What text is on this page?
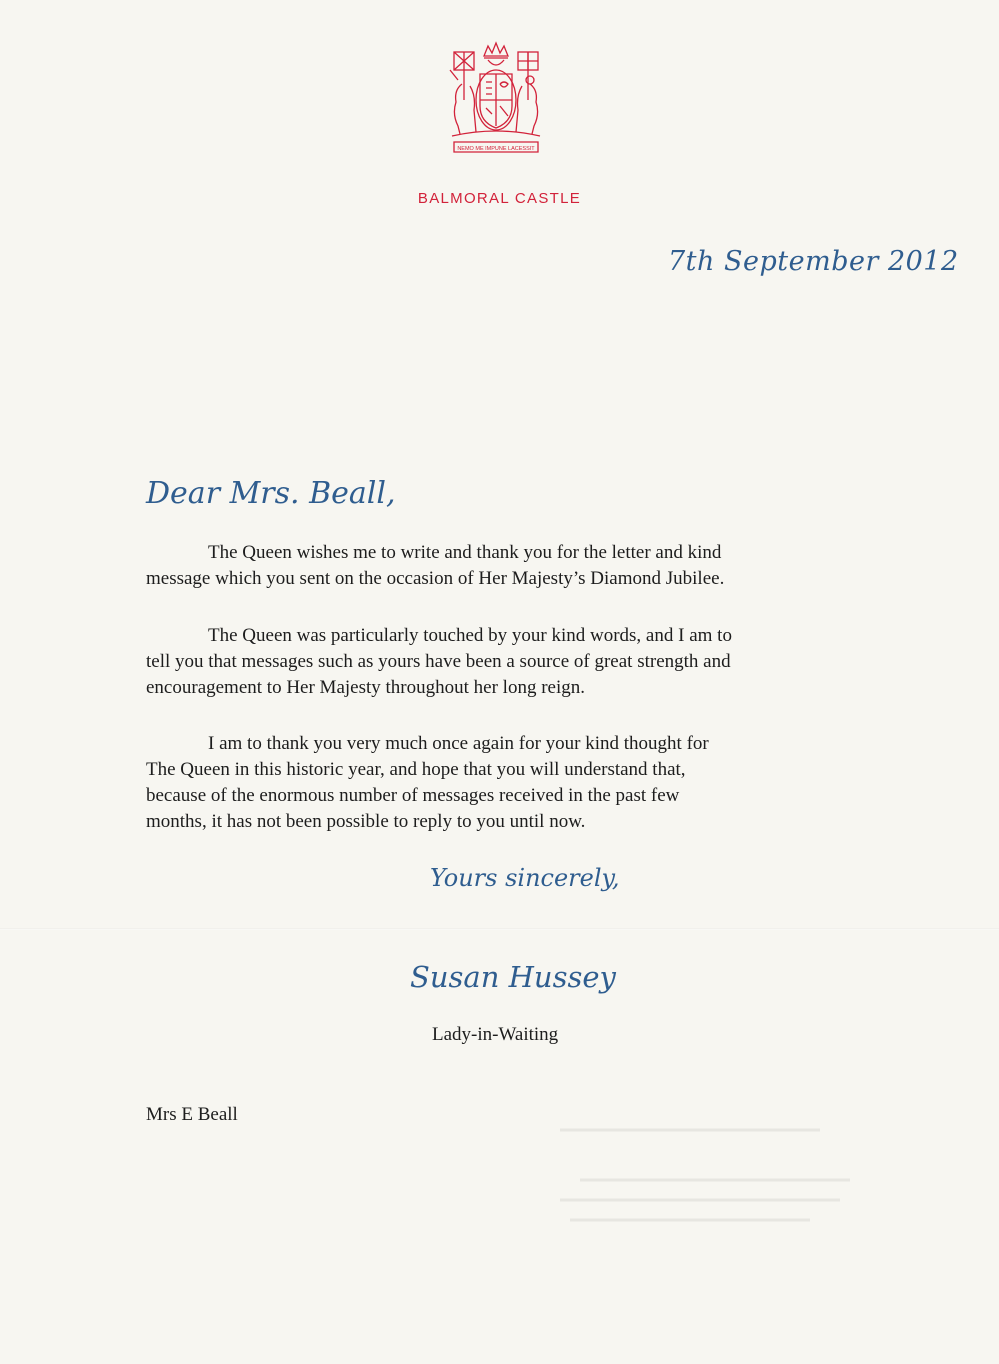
NEMO ME IMPUNE LACESSIT
BALMORAL CASTLE
7th September 2012
Dear Mrs. Beall,

The Queen wishes me to write and thank you for the letter and kind
message which you sent on the occasion of Her Majesty’s Diamond Jubilee.

The Queen was particularly touched by your kind words, and I am to
tell you that messages such as yours have been a source of great strength and
encouragement to Her Majesty throughout her long reign.

I am to thank you very much once again for your kind thought for
The Queen in this historic year, and hope that you will understand that,
because of the enormous number of messages received in the past few
months, it has not been possible to reply to you until now.

Yours sincerely,
Susan Hussey
Lady-in-Waiting
Mrs E Beall
